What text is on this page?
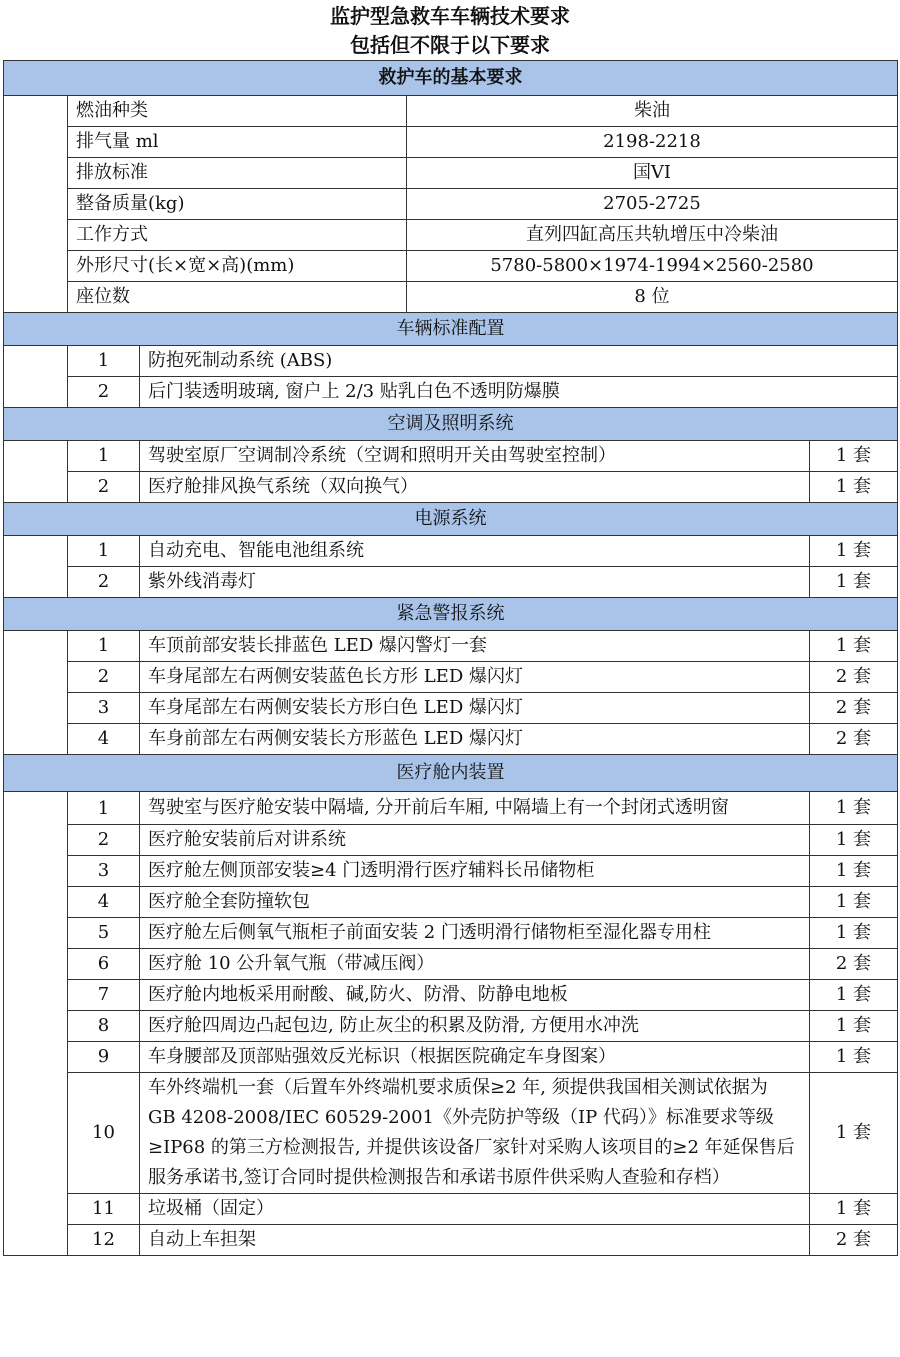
监护型急救车车辆技术要求
包括但不限于以下要求
救护车的基本要求				
	燃油种类		柴油	
	排气量 ml		2198-2218	
	排放标准		国VI	
	整备质量(kg)		2705-2725	
	工作方式		直列四缸高压共轨增压中冷柴油	
	外形尺寸(长×宽×高)(mm)		5780-5800×1974-1994×2560-2580	
	座位数		8 位	
车辆标准配置				
	1	防抱死制动系统 (ABS)		
	2	后门装透明玻璃, 窗户上 2/3 贴乳白色不透明防爆膜		
空调及照明系统				
	1	驾驶室原厂空调制冷系统（空调和照明开关由驾驶室控制）		1 套
	2	医疗舱排风换气系统（双向换气）		1 套
电源系统				
	1	自动充电、智能电池组系统		1 套
	2	紫外线消毒灯		1 套
紧急警报系统				
	1	车顶前部安装长排蓝色 LED 爆闪警灯一套		1 套
	2	车身尾部左右两侧安装蓝色长方形 LED 爆闪灯		2 套
	3	车身尾部左右两侧安装长方形白色 LED 爆闪灯		2 套
	4	车身前部左右两侧安装长方形蓝色 LED 爆闪灯		2 套
医疗舱内装置				
	1	驾驶室与医疗舱安装中隔墙, 分开前后车厢, 中隔墙上有一个封闭式透明窗		1 套
	2	医疗舱安装前后对讲系统		1 套
	3	医疗舱左侧顶部安装≥4 门透明滑行医疗辅料长吊储物柜		1 套
	4	医疗舱全套防撞软包		1 套
	5	医疗舱左后侧氧气瓶柜子前面安装 2 门透明滑行储物柜至湿化器专用柱		1 套
	6	医疗舱 10 公升氧气瓶（带减压阀）		2 套
	7	医疗舱内地板采用耐酸、碱,防火、防滑、防静电地板		1 套
	8	医疗舱四周边凸起包边, 防止灰尘的积累及防滑, 方便用水冲洗		1 套
	9	车身腰部及顶部贴强效反光标识（根据医院确定车身图案）		1 套
	10	车外终端机一套（后置车外终端机要求质保≥2 年, 须提供我国相关测试依据为 GB 4208-2008/IEC 60529-2001《外壳防护等级（IP 代码）》标准要求等级≥IP68 的第三方检测报告, 并提供该设备厂家针对采购人该项目的≥2 年延保售后服务承诺书,签订合同时提供检测报告和承诺书原件供采购人查验和存档）		1 套
	11	垃圾桶（固定）		1 套
	12	自动上车担架		2 套
